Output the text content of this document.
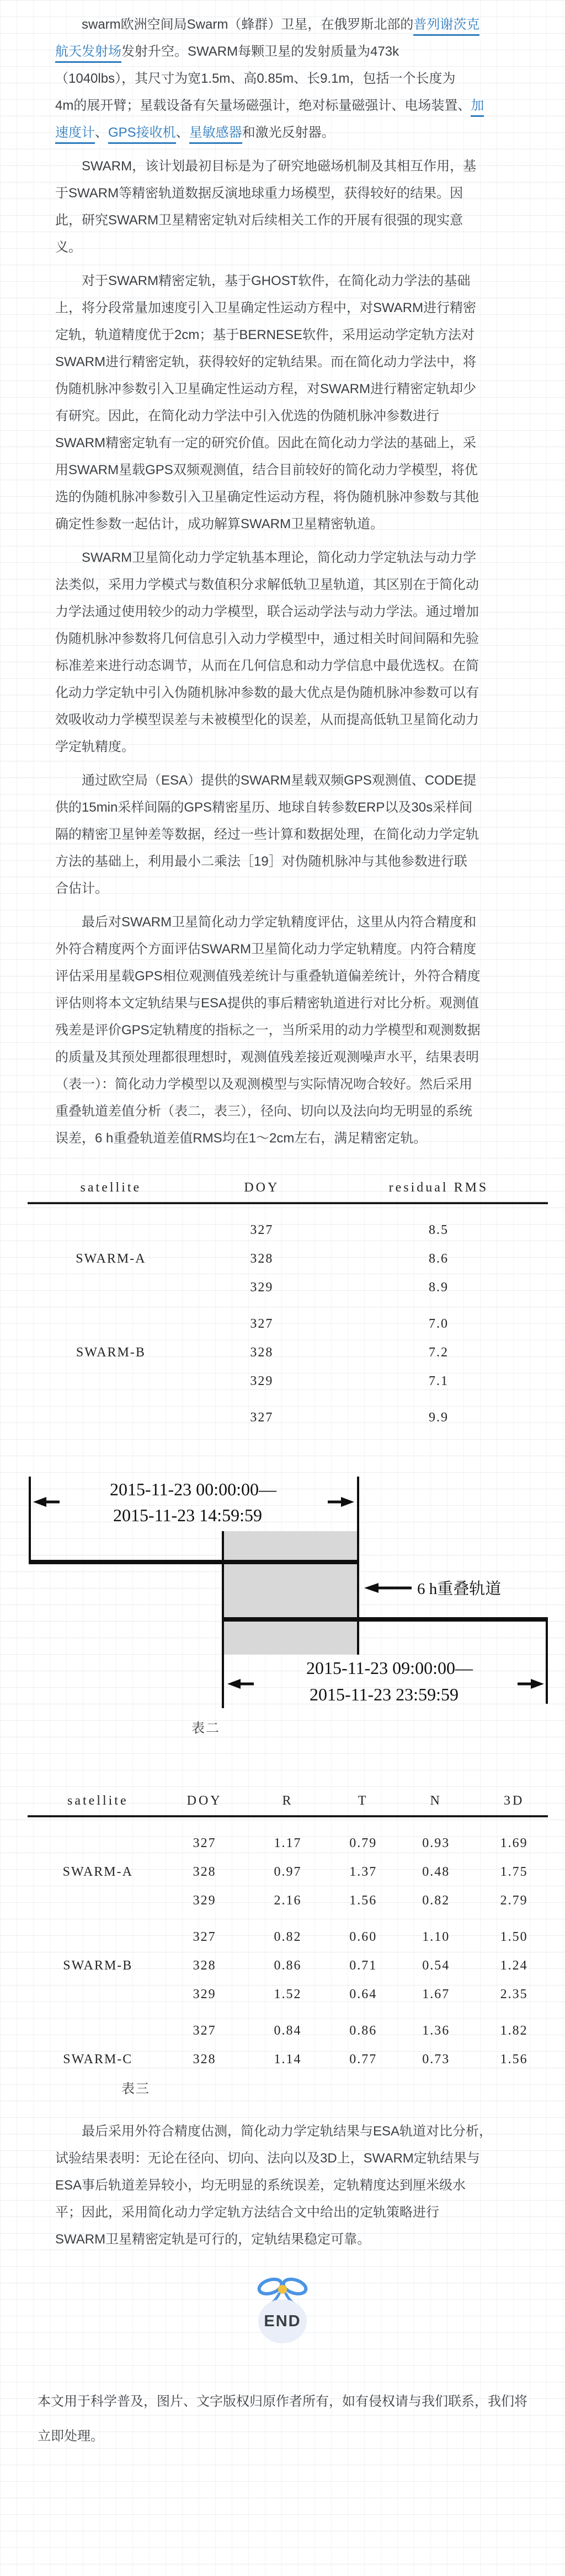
swarm欧洲空间局Swarm（蜂群）卫星，在俄罗斯北部的普列谢茨克
航天发射场发射升空。SWARM每颗卫星的发射质量为473k
（1040lbs），其尺寸为宽1.5m、高0.85m、长9.1m，包括一个长度为
4m的展开臂；星载设备有矢量场磁强计，绝对标量磁强计、电场装置、加
速度计、GPS接收机、星敏感器和激光反射器。
SWARM，该计划最初目标是为了研究地磁场机制及其相互作用，基
于SWARM等精密轨道数据反演地球重力场模型，获得较好的结果。因
此，研究SWARM卫星精密定轨对后续相关工作的开展有很强的现实意
义。
对于SWARM精密定轨，基于GHOST软件，在简化动力学法的基础
上，将分段常量加速度引入卫星确定性运动方程中，对SWARM进行精密
定轨，轨道精度优于2cm；基于BERNESE软件，采用运动学定轨方法对
SWARM进行精密定轨，获得较好的定轨结果。而在简化动力学法中，将
伪随机脉冲参数引入卫星确定性运动方程，对SWARM进行精密定轨却少
有研究。因此，在简化动力学法中引入优选的伪随机脉冲参数进行
SWARM精密定轨有一定的研究价值。因此在简化动力学法的基础上，采
用SWARM星载GPS双频观测值，结合目前较好的简化动力学模型，将优
选的伪随机脉冲参数引入卫星确定性运动方程，将伪随机脉冲参数与其他
确定性参数一起估计，成功解算SWARM卫星精密轨道。
SWARM卫星简化动力学定轨基本理论，简化动力学定轨法与动力学
法类似，采用力学模式与数值积分求解低轨卫星轨道，其区别在于简化动
力学法通过使用较少的动力学模型，联合运动学法与动力学法。通过增加
伪随机脉冲参数将几何信息引入动力学模型中，通过相关时间间隔和先验
标准差来进行动态调节，从而在几何信息和动力学信息中最优选权。在简
化动力学定轨中引入伪随机脉冲参数的最大优点是伪随机脉冲参数可以有
效吸收动力学模型误差与未被模型化的误差，从而提高低轨卫星简化动力
学定轨精度。
通过欧空局（ESA）提供的SWARM星载双频GPS观测值、CODE提
供的15min采样间隔的GPS精密星历、地球自转参数ERP以及30s采样间
隔的精密卫星钟差等数据，经过一些计算和数据处理，在简化动力学定轨
方法的基础上，利用最小二乘法［19］对伪随机脉冲与其他参数进行联
合估计。
最后对SWARM卫星简化动力学定轨精度评估，这里从内符合精度和
外符合精度两个方面评估SWARM卫星简化动力学定轨精度。内符合精度
评估采用星载GPS相位观测值残差统计与重叠轨道偏差统计，外符合精度
评估则将本文定轨结果与ESA提供的事后精密轨道进行对比分析。观测值
残差是评价GPS定轨精度的指标之一，当所采用的动力学模型和观测数据
的质量及其预处理都很理想时，观测值残差接近观测噪声水平，结果表明
（表一）：简化动力学模型以及观测模型与实际情况吻合较好。然后采用
重叠轨道差值分析（表二，表三），径向、切向以及法向均无明显的系统
误差，6 h重叠轨道差值RMS均在1～2cm左右，满足精密定轨。
satellite	DOY	residual RMS
327	8.5
SWARM-A	328	8.6
329	8.9
327	7.0
SWARM-B	328	7.2
329	7.1
327	9.9
2015-11-23 00:00:00—
2015-11-23 14:59:59
6 h重叠轨道
2015-11-23 09:00:00—
2015-11-23 23:59:59
表二
satellite	DOY	R	T	N	3D
327	1.17	0.79	0.93	1.69
SWARM-A	328	0.97	1.37	0.48	1.75
329	2.16	1.56	0.82	2.79
327	0.82	0.60	1.10	1.50
SWARM-B	328	0.86	0.71	0.54	1.24
329	1.52	0.64	1.67	2.35
327	0.84	0.86	1.36	1.82
SWARM-C	328	1.14	0.77	0.73	1.56
表三
最后采用外符合精度估测，简化动力学定轨结果与ESA轨道对比分析，
试验结果表明：无论在径向、切向、法向以及3D上，SWARM定轨结果与
ESA事后轨道差异较小，均无明显的系统误差，定轨精度达到厘米级水
平；因此，采用简化动力学定轨方法结合文中给出的定轨策略进行
SWARM卫星精密定轨是可行的，定轨结果稳定可靠。
END
本文用于科学普及，图片、文字版权归原作者所有，如有侵权请与我们联系，我们将
立即处理。
